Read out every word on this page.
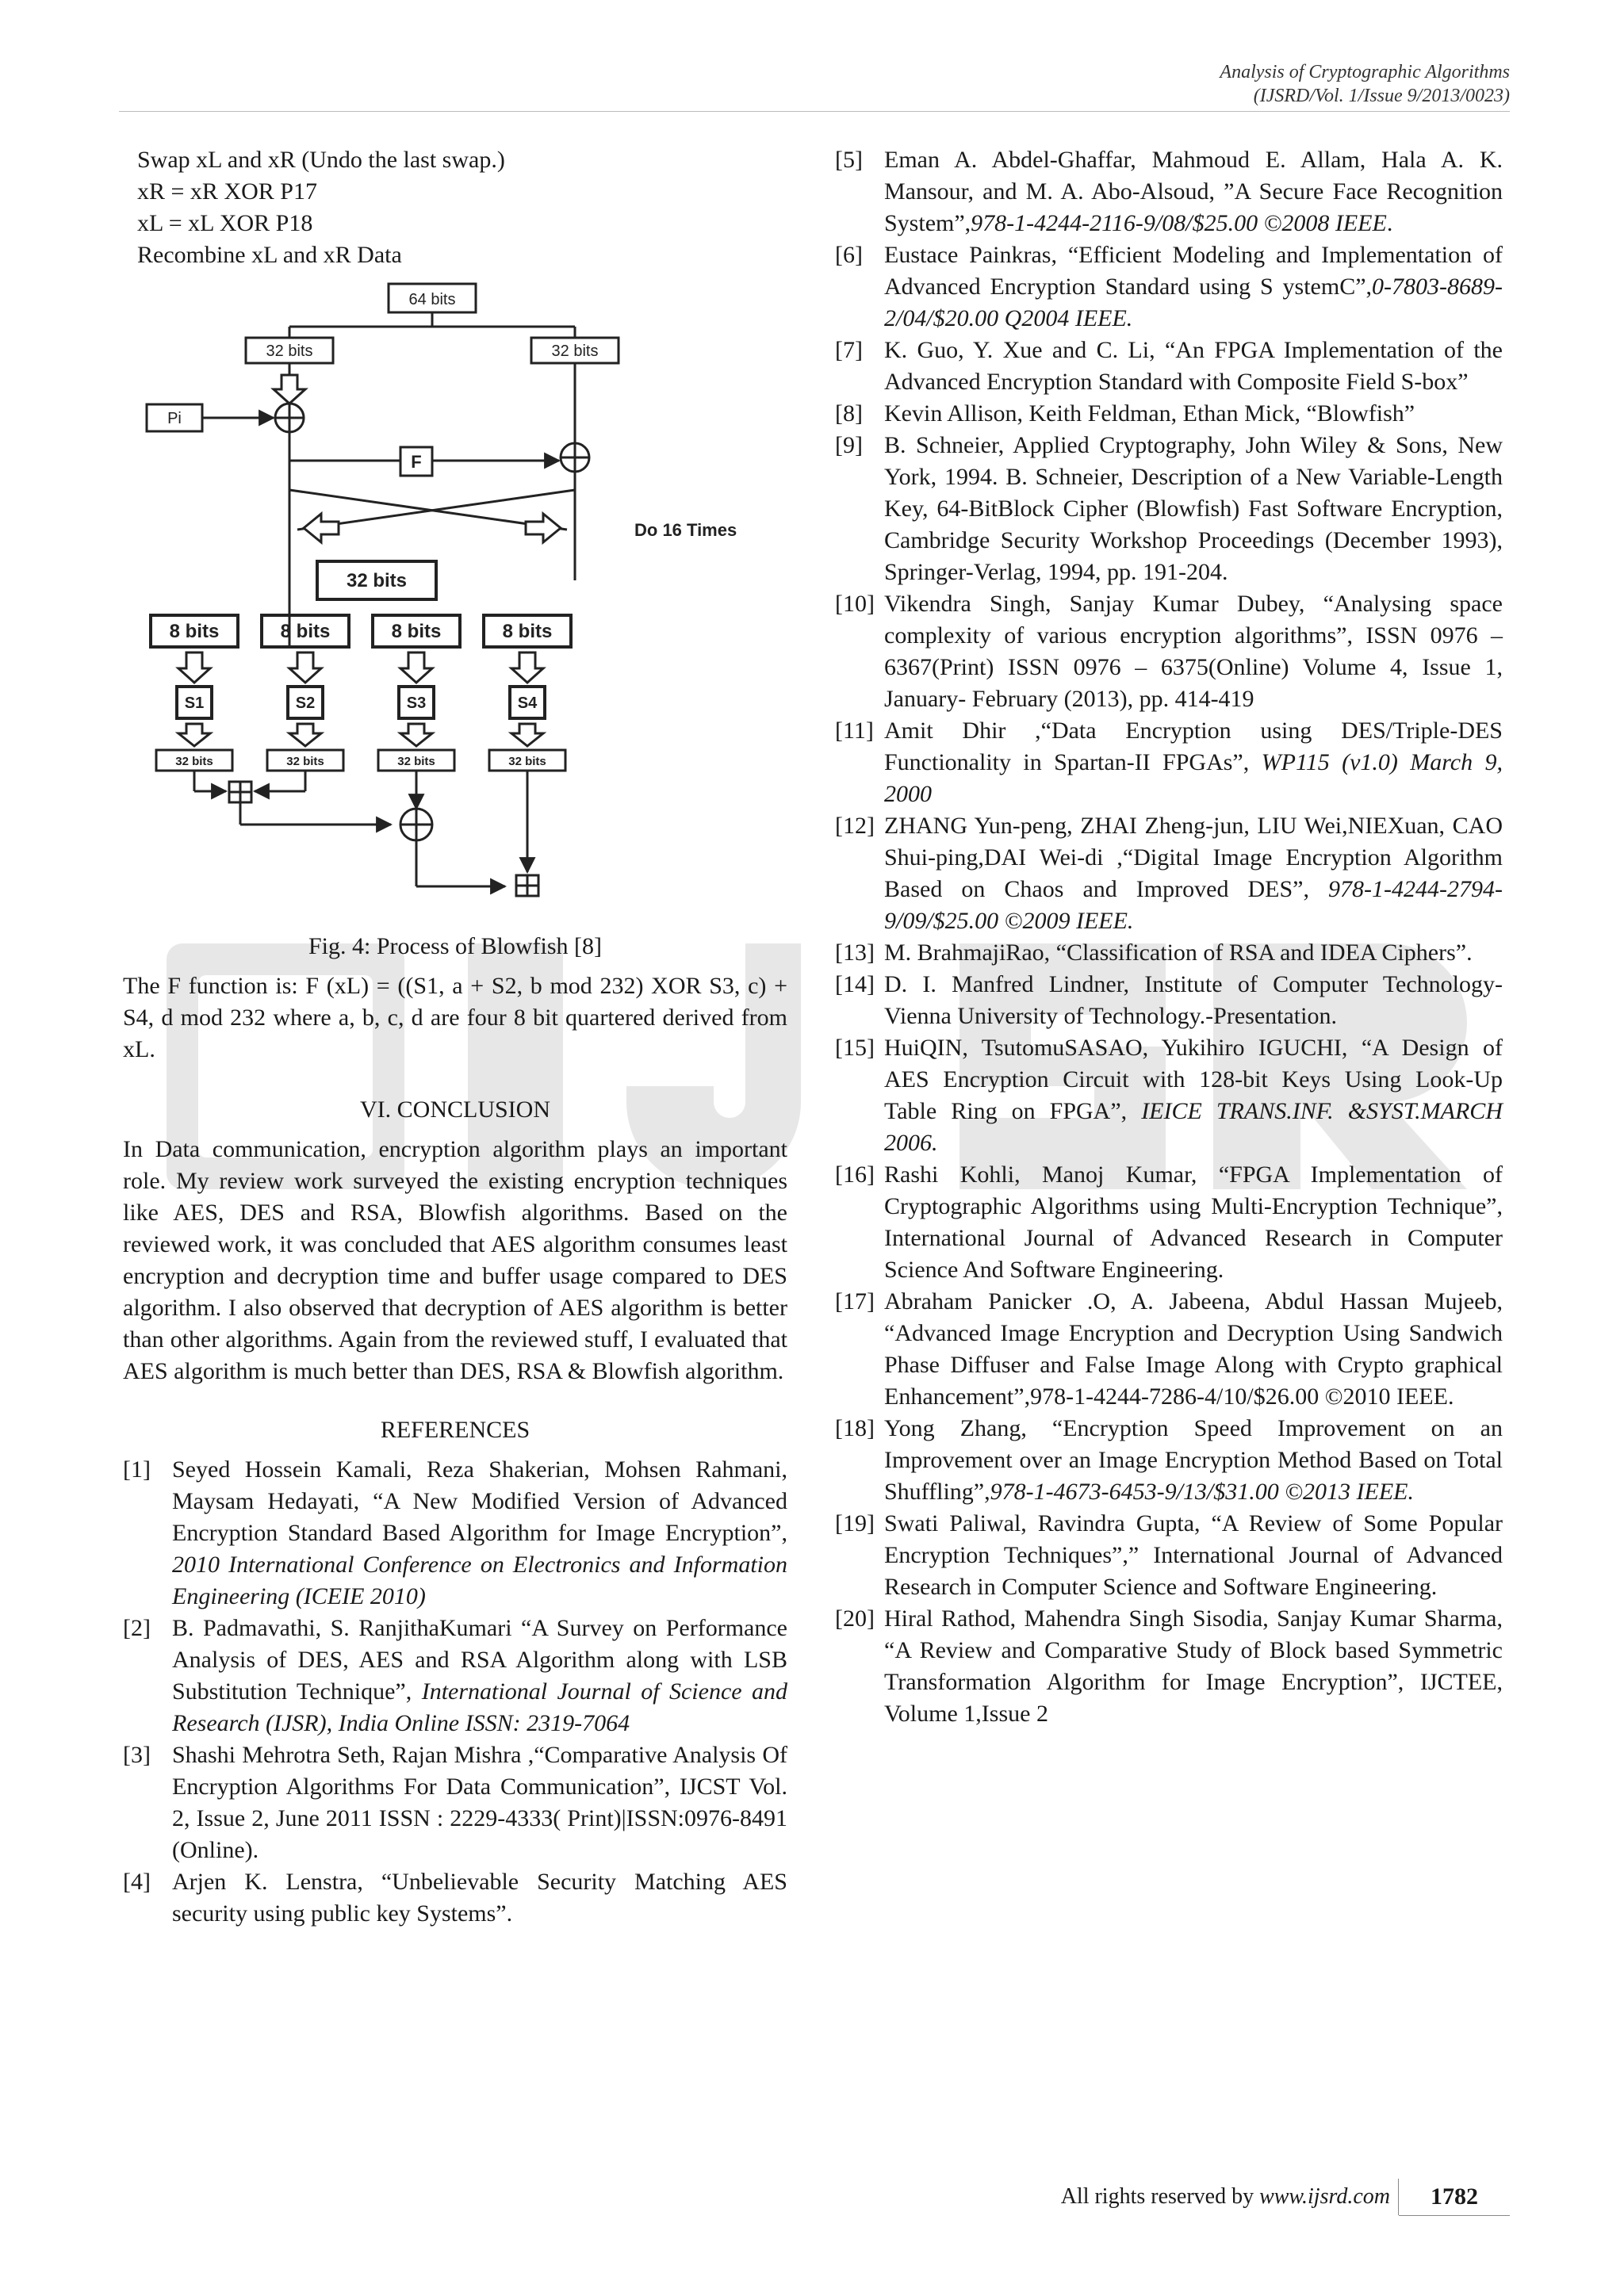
Analysis of Cryptographic Algorithms
(IJSRD/Vol. 1/Issue 9/2013/0023)
Swap xL and xR (Undo the last swap.)
xR = xR XOR P17
xL = xL XOR P18
Recombine xL and xR Data
64 bits
32 bits	32 bits
Pi
F
Do 16 Times
32 bits
8 bits	8 bits	8 bits	8 bits
S1	S2	S3	S4
32 bits	32 bits	32 bits	32 bits
Fig. 4: Process of Blowfish [8]
The F function is: F (xL) = ((S1, a + S2, b mod 232) XOR S3, c) + S4, d mod 232 where a, b, c, d are four 8 bit quartered derived from xL.
VI. CONCLUSION
In Data communication, encryption algorithm plays an important role. My review work surveyed the existing encryption techniques like AES, DES and RSA, Blowfish algorithms. Based on the reviewed work, it was concluded that AES algorithm consumes least encryption and decryption time and buffer usage compared to DES algorithm. I also observed that decryption of AES algorithm is better than other algorithms. Again from the reviewed stuff, I evaluated that AES algorithm is much better than DES, RSA & Blowfish algorithm.
REFERENCES
[1] Seyed Hossein Kamali, Reza Shakerian, Mohsen Rahmani, Maysam Hedayati, “A New Modified Version of Advanced Encryption Standard Based Algorithm for Image Encryption”, 2010 International Conference on Electronics and Information Engineering (ICEIE 2010)
[2] B. Padmavathi, S. RanjithaKumari “A Survey on Performance Analysis of DES, AES and RSA Algorithm along with LSB Substitution Technique”, International Journal of Science and Research (IJSR), India Online ISSN: 2319-7064
[3] Shashi Mehrotra Seth, Rajan Mishra ,“Comparative Analysis Of Encryption Algorithms For Data Communication”, IJCST Vol. 2, Issue 2, June 2011 ISSN : 2229-4333( Print)|ISSN:0976-8491 (Online).
[4] Arjen K. Lenstra, “Unbelievable Security Matching AES security using public key Systems”.
[5] Eman A. Abdel-Ghaffar, Mahmoud E. Allam, Hala A. K. Mansour, and M. A. Abo-Alsoud, ”A Secure Face Recognition System”,978-1-4244-2116-9/08/$25.00 ©2008 IEEE.
[6] Eustace Painkras, “Efficient Modeling and Implementation of Advanced Encryption Standard using S ystemC”,0-7803-8689-2/04/$20.00 Q2004 IEEE.
[7] K. Guo, Y. Xue and C. Li, “An FPGA Implementation of the Advanced Encryption Standard with Composite Field S-box”
[8] Kevin Allison, Keith Feldman, Ethan Mick, “Blowfish”
[9] B. Schneier, Applied Cryptography, John Wiley & Sons, New York, 1994. B. Schneier, Description of a New Variable-Length Key, 64-BitBlock Cipher (Blowfish) Fast Software Encryption, Cambridge Security Workshop Proceedings (December 1993), Springer-Verlag, 1994, pp. 191-204.
[10] Vikendra Singh, Sanjay Kumar Dubey, “Analysing space complexity of various encryption algorithms”, ISSN 0976 – 6367(Print) ISSN 0976 – 6375(Online) Volume 4, Issue 1, January- February (2013), pp. 414-419
[11] Amit Dhir ,“Data Encryption using DES/Triple-DES Functionality in Spartan-II FPGAs”, WP115 (v1.0) March 9, 2000
[12] ZHANG Yun-peng, ZHAI Zheng-jun, LIU Wei,NIEXuan, CAO Shui-ping,DAI Wei-di ,“Digital Image Encryption Algorithm Based on Chaos and Improved DES”, 978-1-4244-2794-9/09/$25.00 ©2009 IEEE.
[13] M. BrahmajiRao, “Classification of RSA and IDEA Ciphers”.
[14] D. I. Manfred Lindner, Institute of Computer Technology-Vienna University of Technology.-Presentation.
[15] HuiQIN, TsutomuSASAO, Yukihiro IGUCHI, “A Design of AES Encryption Circuit with 128-bit Keys Using Look-Up Table Ring on FPGA”, IEICE TRANS.INF. &SYST.MARCH 2006.
[16] Rashi Kohli, Manoj Kumar, “FPGA Implementation of Cryptographic Algorithms using Multi-Encryption Technique”, International Journal of Advanced Research in Computer Science And Software Engineering.
[17] Abraham Panicker .O, A. Jabeena, Abdul Hassan Mujeeb, “Advanced Image Encryption and Decryption Using Sandwich Phase Diffuser and False Image Along with Crypto graphical Enhancement”,978-1-4244-7286-4/10/$26.00 ©2010 IEEE.
[18] Yong Zhang, “Encryption Speed Improvement on an Improvement over an Image Encryption Method Based on Total Shuffling”,978-1-4673-6453-9/13/$31.00 ©2013 IEEE.
[19] Swati Paliwal, Ravindra Gupta, “A Review of Some Popular Encryption Techniques”,” International Journal of Advanced Research in Computer Science and Software Engineering.
[20] Hiral Rathod, Mahendra Singh Sisodia, Sanjay Kumar Sharma, “A Review and Comparative Study of Block based Symmetric Transformation Algorithm for Image Encryption”, IJCTEE, Volume 1,Issue 2
All rights reserved by www.ijsrd.com	1782
